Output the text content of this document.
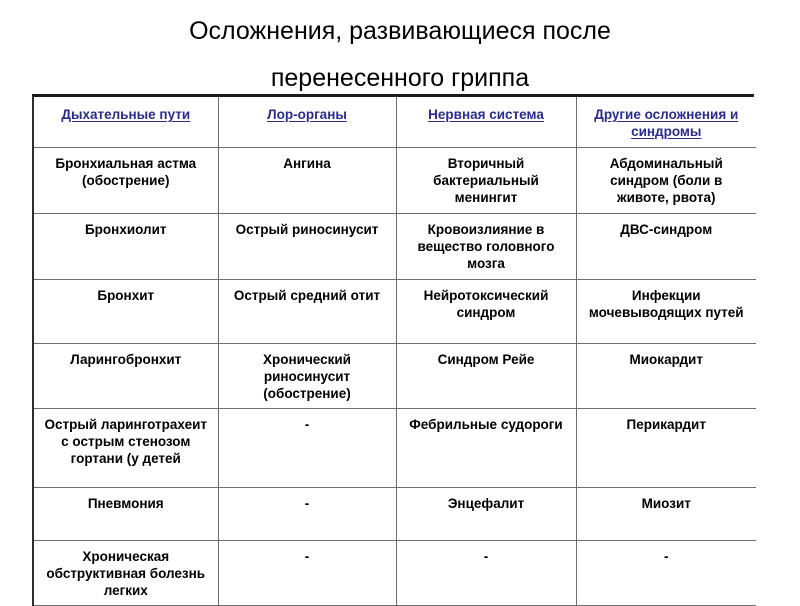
Осложнения, развивающиеся после
перенесенного гриппа
Дыхательные пути	Лор-органы	Нервная система	Другие осложнения и синдромы
Бронхиальная астма (обострение)	Ангина	Вторичный бактериальный менингит	Абдоминальный синдром (боли в животе, рвота)
Бронхиолит	Острый риносинусит	Кровоизлияние в вещество головного мозга	ДВС-синдром
Бронхит	Острый средний отит	Нейротоксический синдром	Инфекции мочевыводящих путей
Ларингобронхит	Хронический риносинусит (обострение)	Синдром Рейе	Миокардит
Острый ларинготрахеит с острым стенозом гортани (у детей	-	Фебрильные судороги	Перикардит
Пневмония	-	Энцефалит	Миозит
Хроническая обструктивная болезнь легких	-	-	-
